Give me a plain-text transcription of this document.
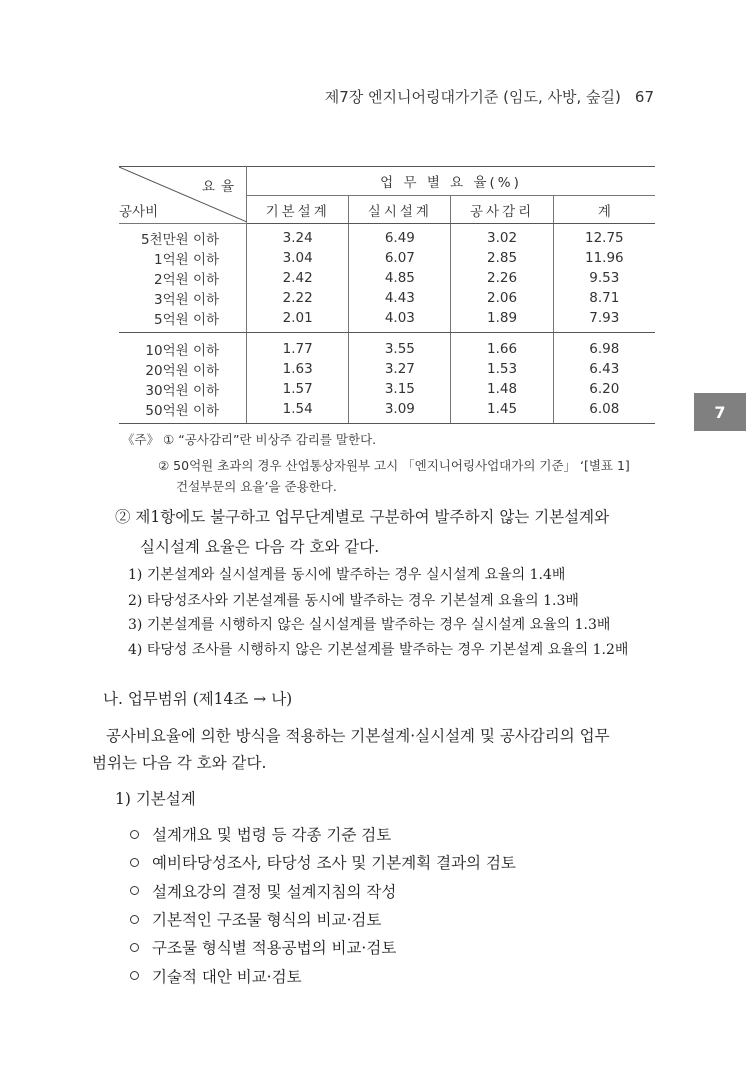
제7장 엔지니어링대가기준 (임도, 사방, 숲길) 67
7
요율
공사비	업 무 별 요 율(%)			
	기본설계	실시설계	공사감리	계
5천만원 이하	3.24	6.49	3.02	12.75
1억원 이하	3.04	6.07	2.85	11.96
2억원 이하	2.42	4.85	2.26	9.53
3억원 이하	2.22	4.43	2.06	8.71
5억원 이하	2.01	4.03	1.89	7.93
10억원 이하	1.77	3.55	1.66	6.98
20억원 이하	1.63	3.27	1.53	6.43
30억원 이하	1.57	3.15	1.48	6.20
50억원 이하	1.54	3.09	1.45	6.08
《주》 ① “공사감리”란 비상주 감리를 말한다.
② 50억원 초과의 경우 산업통상자원부 고시 「엔지니어링사업대가의 기준」 ‘[별표 1]
건설부문의 요율’을 준용한다.
② 제1항에도 불구하고 업무단계별로 구분하여 발주하지 않는 기본설계와
실시설계 요율은 다음 각 호와 같다.
1) 기본설계와 실시설계를 동시에 발주하는 경우 실시설계 요율의 1.4배
2) 타당성조사와 기본설계를 동시에 발주하는 경우 기본설계 요율의 1.3배
3) 기본설계를 시행하지 않은 실시설계를 발주하는 경우 실시설계 요율의 1.3배
4) 타당성 조사를 시행하지 않은 기본설계를 발주하는 경우 기본설계 요율의 1.2배
나. 업무범위 (제14조 → 나)
공사비요율에 의한 방식을 적용하는 기본설계·실시설계 및 공사감리의 업무
범위는 다음 각 호와 같다.
1) 기본설계
설계개요 및 법령 등 각종 기준 검토
예비타당성조사, 타당성 조사 및 기본계획 결과의 검토
설계요강의 결정 및 설계지침의 작성
기본적인 구조물 형식의 비교·검토
구조물 형식별 적용공법의 비교·검토
기술적 대안 비교·검토
